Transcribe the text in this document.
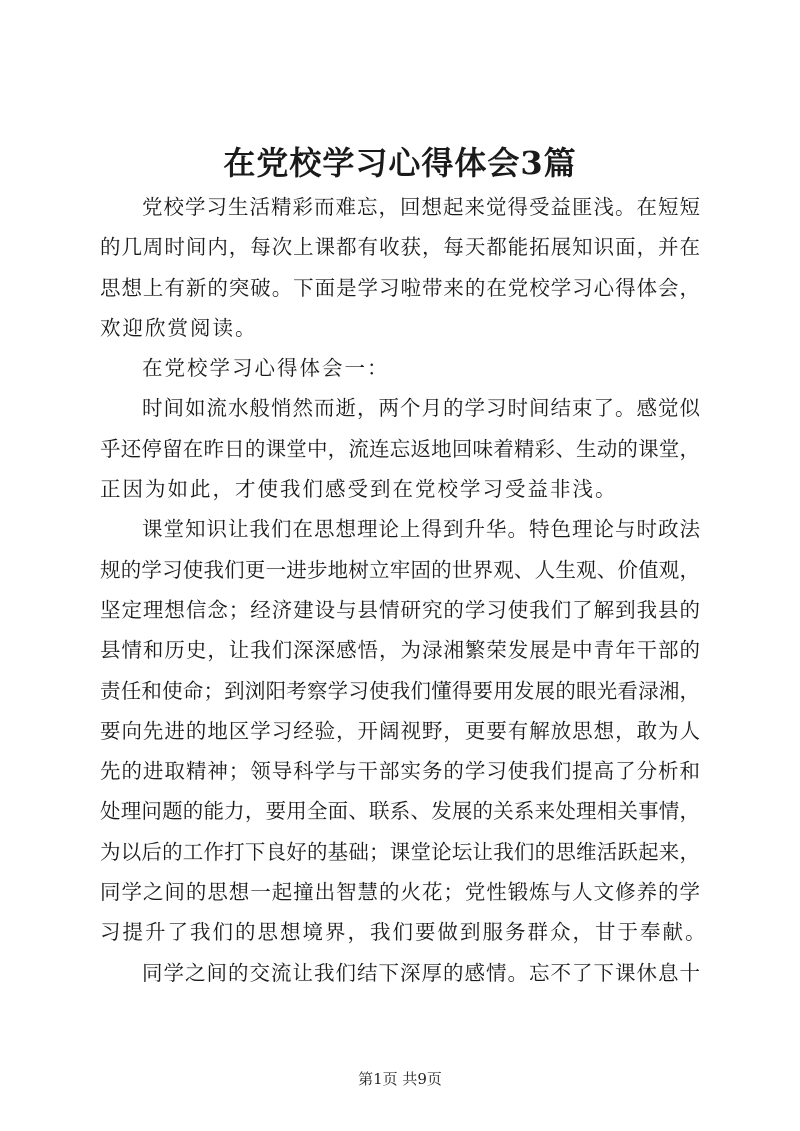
在党校学习心得体会3篇
党校学习生活精彩而难忘，回想起来觉得受益匪浅。在短短
的几周时间内，每次上课都有收获，每天都能拓展知识面，并在
思想上有新的突破。下面是学习啦带来的在党校学习心得体会，
欢迎欣赏阅读。
在党校学习心得体会一：
时间如流水般悄然而逝，两个月的学习时间结束了。感觉似
乎还停留在昨日的课堂中，流连忘返地回味着精彩、生动的课堂，
正因为如此，才使我们感受到在党校学习受益非浅。
课堂知识让我们在思想理论上得到升华。特色理论与时政法
规的学习使我们更一进步地树立牢固的世界观、人生观、价值观，
坚定理想信念；经济建设与县情研究的学习使我们了解到我县的
县情和历史，让我们深深感悟，为渌湘繁荣发展是中青年干部的
责任和使命；到浏阳考察学习使我们懂得要用发展的眼光看渌湘，
要向先进的地区学习经验，开阔视野，更要有解放思想，敢为人
先的进取精神；领导科学与干部实务的学习使我们提高了分析和
处理问题的能力，要用全面、联系、发展的关系来处理相关事情，
为以后的工作打下良好的基础；课堂论坛让我们的思维活跃起来，
同学之间的思想一起撞出智慧的火花；党性锻炼与人文修养的学
习提升了我们的思想境界，我们要做到服务群众，甘于奉献。
同学之间的交流让我们结下深厚的感情。忘不了下课休息十
第1页 共9页
